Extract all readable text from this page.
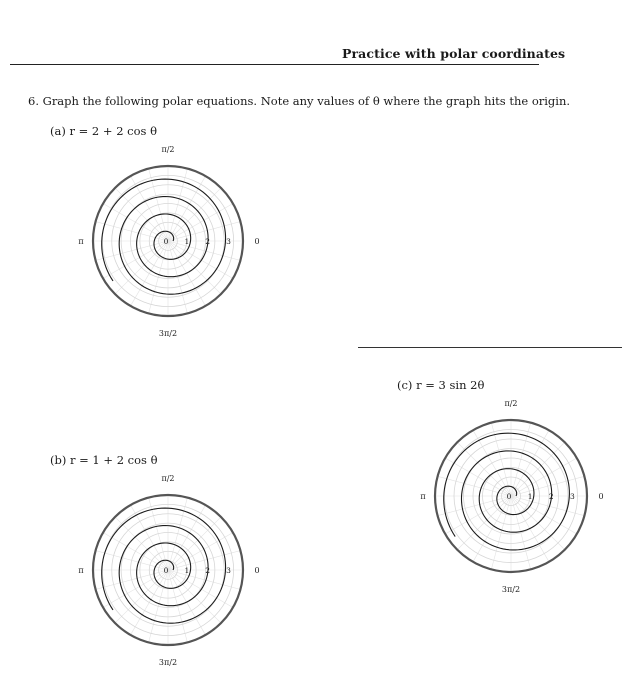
Practice with polar coordinates
6. Graph the following polar equations. Note any values of θ where the graph hits the origin.
(a) r = 2 + 2 cos θ
(b) r = 1 + 2 cos θ
(c) r = 3 sin 2θ
0 1 2 3
π/2
0
π
3π/2
0 1 2 3
π/2
0
π
3π/2
0 1 2 3
π/2
0
π
3π/2
